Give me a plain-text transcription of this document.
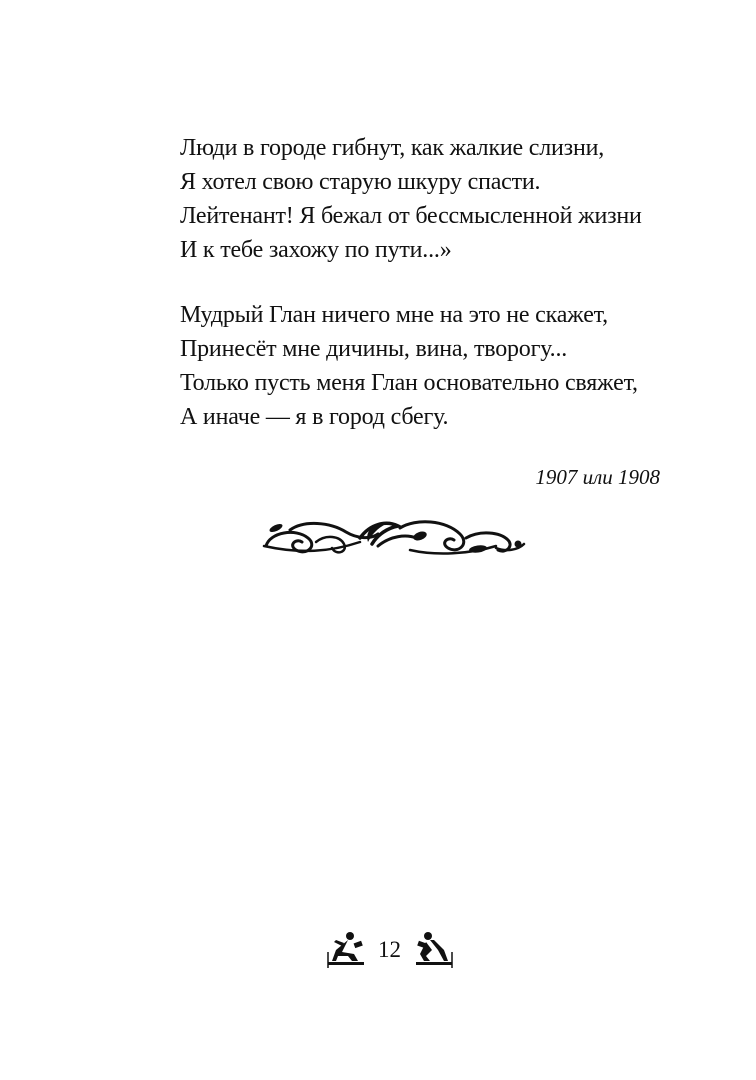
Люди в городе гибнут, как жалкие слизни,
Я хотел свою старую шкуру спасти.
Лейтенант! Я бежал от бессмысленной жизни
И к тебе захожу по пути...»
Мудрый Глан ничего мне на это не скажет,
Принесёт мне дичины, вина, творогу...
Только пусть меня Глан основательно свяжет,
А иначе — я в город сбегу.
1907 или 1908
12
